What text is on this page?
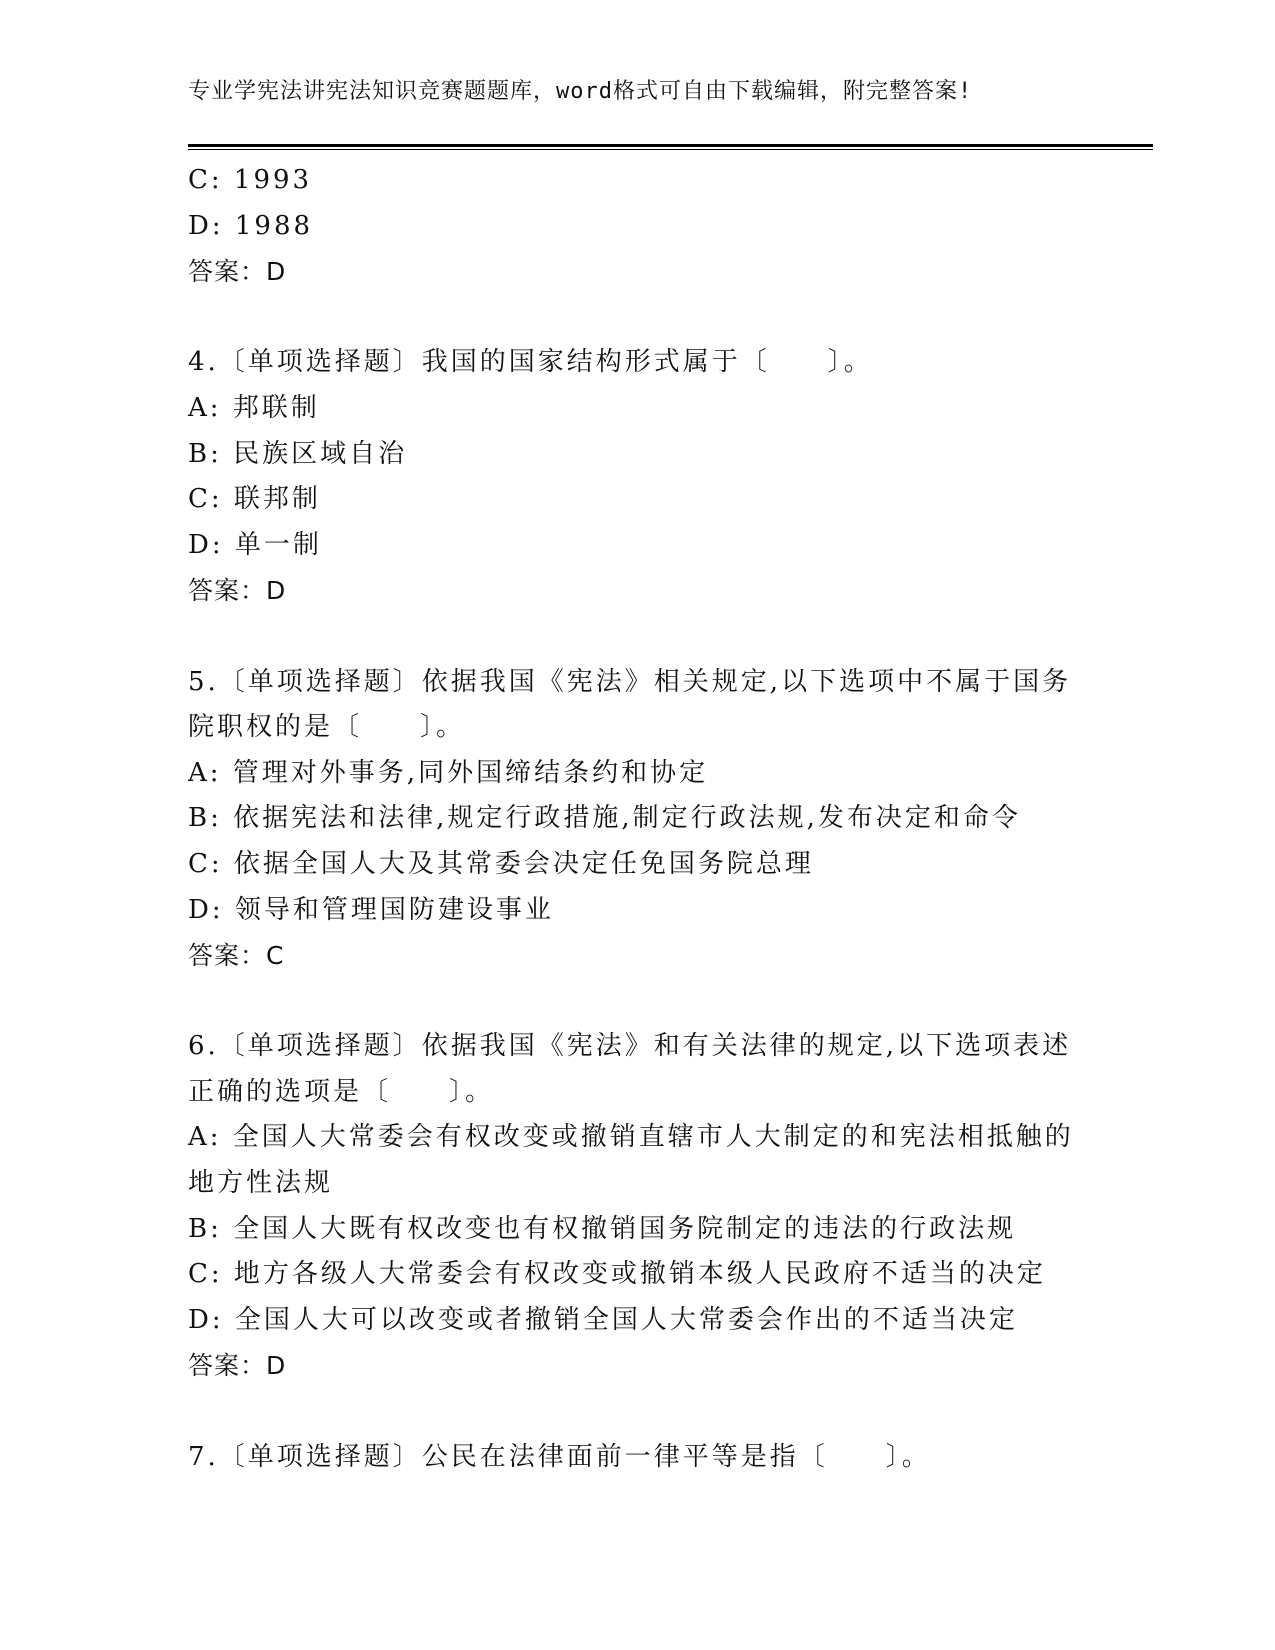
专业学宪法讲宪法知识竞赛题题库，word格式可自由下载编辑，附完整答案!
C: 1993
D: 1988
答案：D
4.〔单项选择题〕我国的国家结构形式属于〔　　〕。
A: 邦联制
B: 民族区域自治
C: 联邦制
D: 单一制
答案：D
5.〔单项选择题〕依据我国《宪法》相关规定,以下选项中不属于国务
院职权的是〔　　〕。
A: 管理对外事务,同外国缔结条约和协定
B: 依据宪法和法律,规定行政措施,制定行政法规,发布决定和命令
C: 依据全国人大及其常委会决定任免国务院总理
D: 领导和管理国防建设事业
答案：C
6.〔单项选择题〕依据我国《宪法》和有关法律的规定,以下选项表述
正确的选项是〔　　〕。
A: 全国人大常委会有权改变或撤销直辖市人大制定的和宪法相抵触的
地方性法规
B: 全国人大既有权改变也有权撤销国务院制定的违法的行政法规
C: 地方各级人大常委会有权改变或撤销本级人民政府不适当的决定
D: 全国人大可以改变或者撤销全国人大常委会作出的不适当决定
答案：D
7.〔单项选择题〕公民在法律面前一律平等是指〔　　〕。
